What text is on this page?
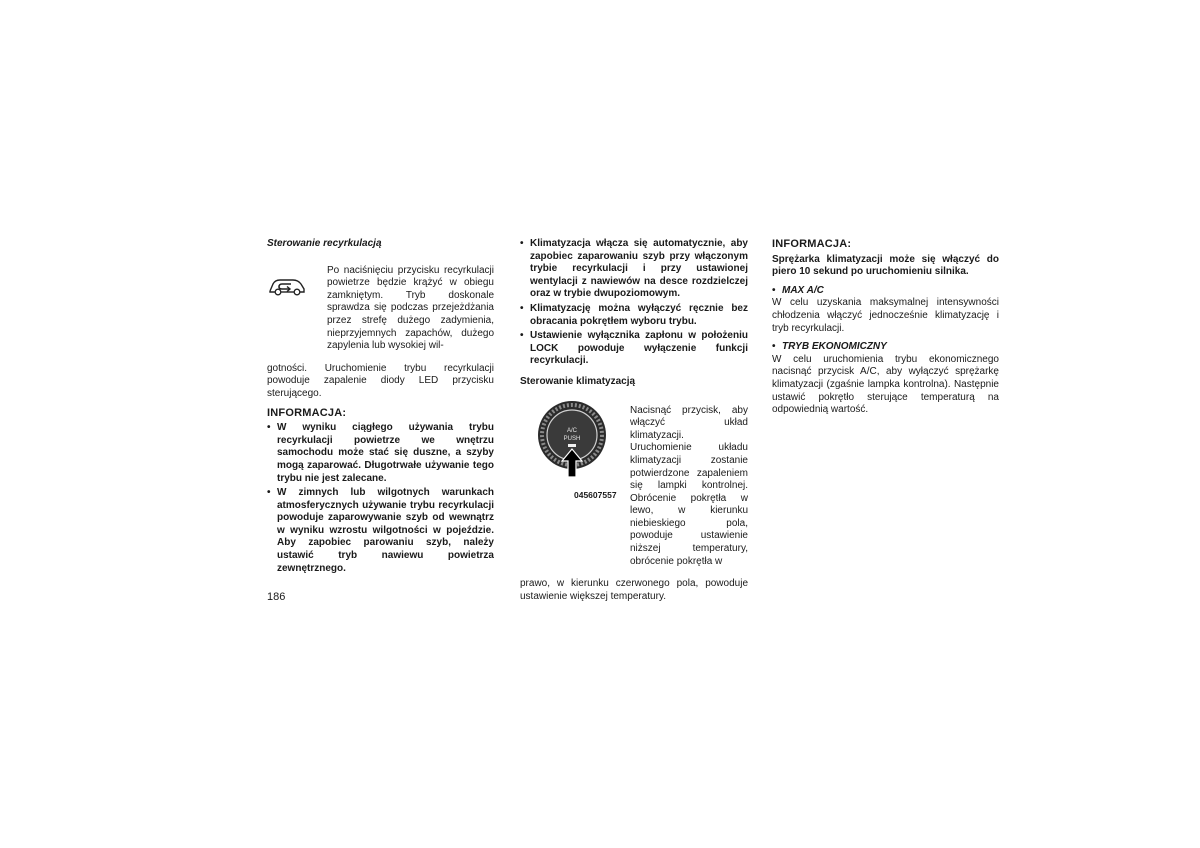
Sterowanie recyrkulacją

Po naciśnięciu przycisku recyrkulacji powietrze będzie krążyć w obiegu zamkniętym. Tryb doskonale sprawdza się podczas przejeżdżania przez strefę dużego zadymienia, nieprzyjemnych zapachów, dużego zapylenia lub wysokiej wil-

gotności. Uruchomienie trybu recyrkulacji powoduje zapalenie diody LED przycisku sterującego.

INFORMACJA:

• W wyniku ciągłego używania trybu recyrkulacji powietrze we wnętrzu samochodu może stać się duszne, a szyby mogą zaparować. Długotrwałe używanie tego trybu nie jest zalecane.
• W zimnych lub wilgotnych warunkach atmosferycznych używanie trybu recyrkulacji powoduje zaparowywanie szyb od wewnątrz w wyniku wzrostu wilgotności w pojeździe. Aby zapobiec parowaniu szyb, należy ustawić tryb nawiewu powietrza zewnętrznego.
• Klimatyzacja włącza się automatycznie, aby zapobiec zaparowaniu szyb przy włączonym trybie recyrkulacji i przy ustawionej wentylacji z nawiewów na desce rozdzielczej oraz w trybie dwupoziomowym.
• Klimatyzację można wyłączyć ręcznie bez obracania pokrętłem wyboru trybu.
• Ustawienie wyłącznika zapłonu w położeniu LOCK powoduje wyłączenie funkcji recyrkulacji.

Sterowanie klimatyzacją

A/C
PUSH
045607557

Nacisnąć przycisk, aby włączyć układ klimatyzacji. Uruchomienie układu klimatyzacji zostanie potwierdzone zapaleniem się lampki kontrolnej. Obrócenie pokrętła w lewo, w kierunku niebieskiego pola, powoduje ustawienie niższej temperatury, obrócenie pokrętła w

prawo, w kierunku czerwonego pola, powoduje ustawienie większej temperatury.

INFORMACJA:

Sprężarka klimatyzacji może się włączyć do piero 10 sekund po uruchomieniu silnika.

• MAX A/C

W celu uzyskania maksymalnej intensywności chłodzenia włączyć jednocześnie klimatyzację i tryb recyrkulacji.

• TRYB EKONOMICZNY

W celu uruchomienia trybu ekonomicznego nacisnąć przycisk A/C, aby wyłączyć sprężarkę klimatyzacji (zgaśnie lampka kontrolna). Następnie ustawić pokrętło sterujące temperaturą na odpowiednią wartość.

186
